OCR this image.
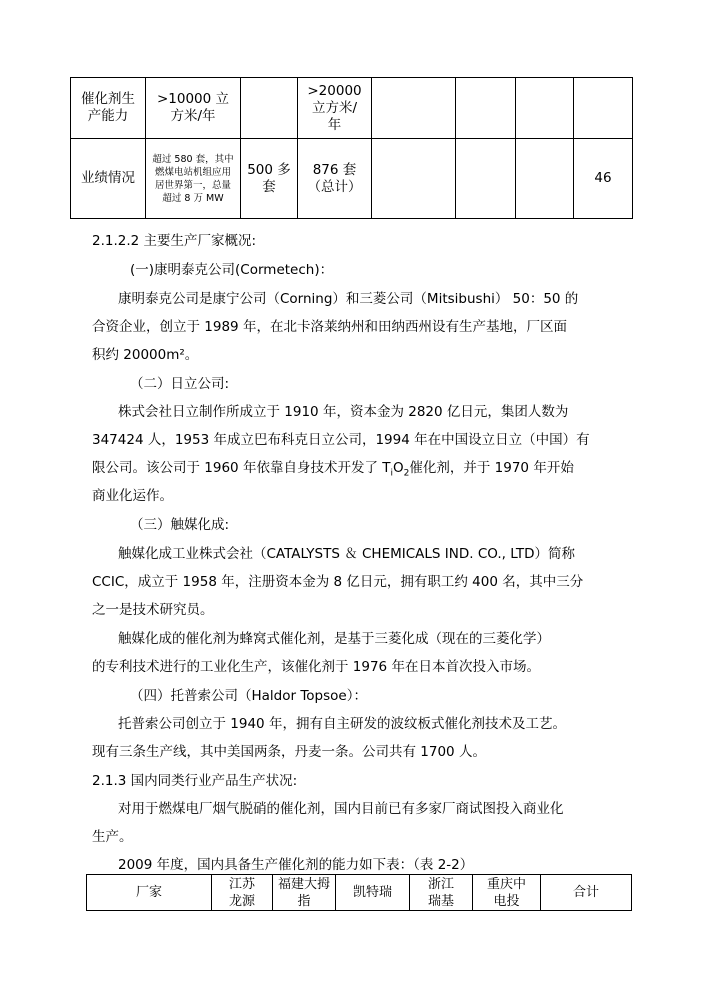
催化剂生产能力	>10000 立方米/年		>20000 立方米/年				
业绩情况	超过 580 套，其中燃煤电站机组应用居世界第一，总量超过 8 万 MW	500 多套	876 套（总计）				46
2.1.2.2 主要生产厂家概况:
(一)康明泰克公司(Cormetech)：
康明泰克公司是康宁公司（Corning）和三菱公司（Mitsibushi） 50：50 的
合资企业，创立于 1989 年，在北卡洛莱纳州和田纳西州设有生产基地，厂区面
积约 20000m²。
（二）日立公司:
株式会社日立制作所成立于 1910 年，资本金为 2820 亿日元，集团人数为
347424 人，1953 年成立巴布科克日立公司，1994 年在中国设立日立（中国）有
限公司。该公司于 1960 年依靠自身技术开发了 $T_iO_2$催化剂，并于 1970 年开始
商业化运作。
（三）触媒化成:
触媒化成工业株式会社（CATALYSTS ＆ CHEMICALS IND. CO., LTD）简称
CCIC，成立于 1958 年，注册资本金为 8 亿日元，拥有职工约 400 名，其中三分
之一是技术研究员。
触媒化成的催化剂为蜂窝式催化剂，是基于三菱化成（现在的三菱化学）
的专利技术进行的工业化生产，该催化剂于 1976 年在日本首次投入市场。
（四）托普索公司（Haldor Topsoe）：
托普索公司创立于 1940 年，拥有自主研发的波纹板式催化剂技术及工艺。
现有三条生产线，其中美国两条，丹麦一条。公司共有 1700 人。
2.1.3 国内同类行业产品生产状况:
对用于燃煤电厂烟气脱硝的催化剂，国内目前已有多家厂商试图投入商业化
生产。
2009 年度，国内具备生产催化剂的能力如下表：（表 2-2）
厂家	江苏龙源	福建大拇指	凯特瑞	浙江瑞基	重庆中电投	合计
